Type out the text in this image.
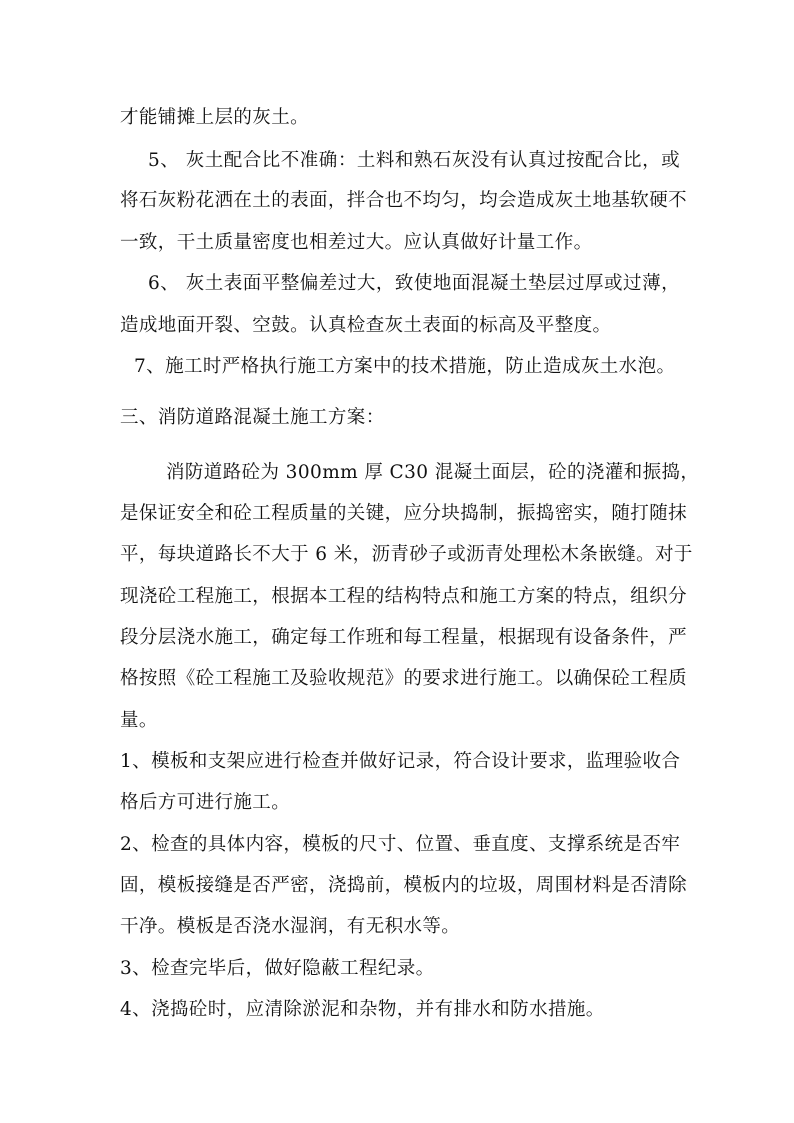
才能铺摊上层的灰土。
5、 灰土配合比不准确：土料和熟石灰没有认真过按配合比，或
将石灰粉花洒在土的表面，拌合也不均匀，均会造成灰土地基软硬不
一致，干土质量密度也相差过大。应认真做好计量工作。
6、 灰土表面平整偏差过大，致使地面混凝土垫层过厚或过薄，
造成地面开裂、空鼓。认真检查灰土表面的标高及平整度。
7、施工时严格执行施工方案中的技术措施，防止造成灰土水泡。
三、消防道路混凝土施工方案：
消防道路砼为 300mm 厚 C30 混凝土面层，砼的浇灌和振捣，
是保证安全和砼工程质量的关键，应分块捣制，振捣密实，随打随抹
平，每块道路长不大于 6 米，沥青砂子或沥青处理松木条嵌缝。对于
现浇砼工程施工，根据本工程的结构特点和施工方案的特点，组织分
段分层浇水施工，确定每工作班和每工程量，根据现有设备条件，严
格按照《砼工程施工及验收规范》的要求进行施工。以确保砼工程质
量。
1、模板和支架应进行检查并做好记录，符合设计要求，监理验收合
格后方可进行施工。
2、检查的具体内容，模板的尺寸、位置、垂直度、支撑系统是否牢
固，模板接缝是否严密，浇捣前，模板内的垃圾，周围材料是否清除
干净。模板是否浇水湿润，有无积水等。
3、检查完毕后，做好隐蔽工程纪录。
4、浇捣砼时，应清除淤泥和杂物，并有排水和防水措施。
